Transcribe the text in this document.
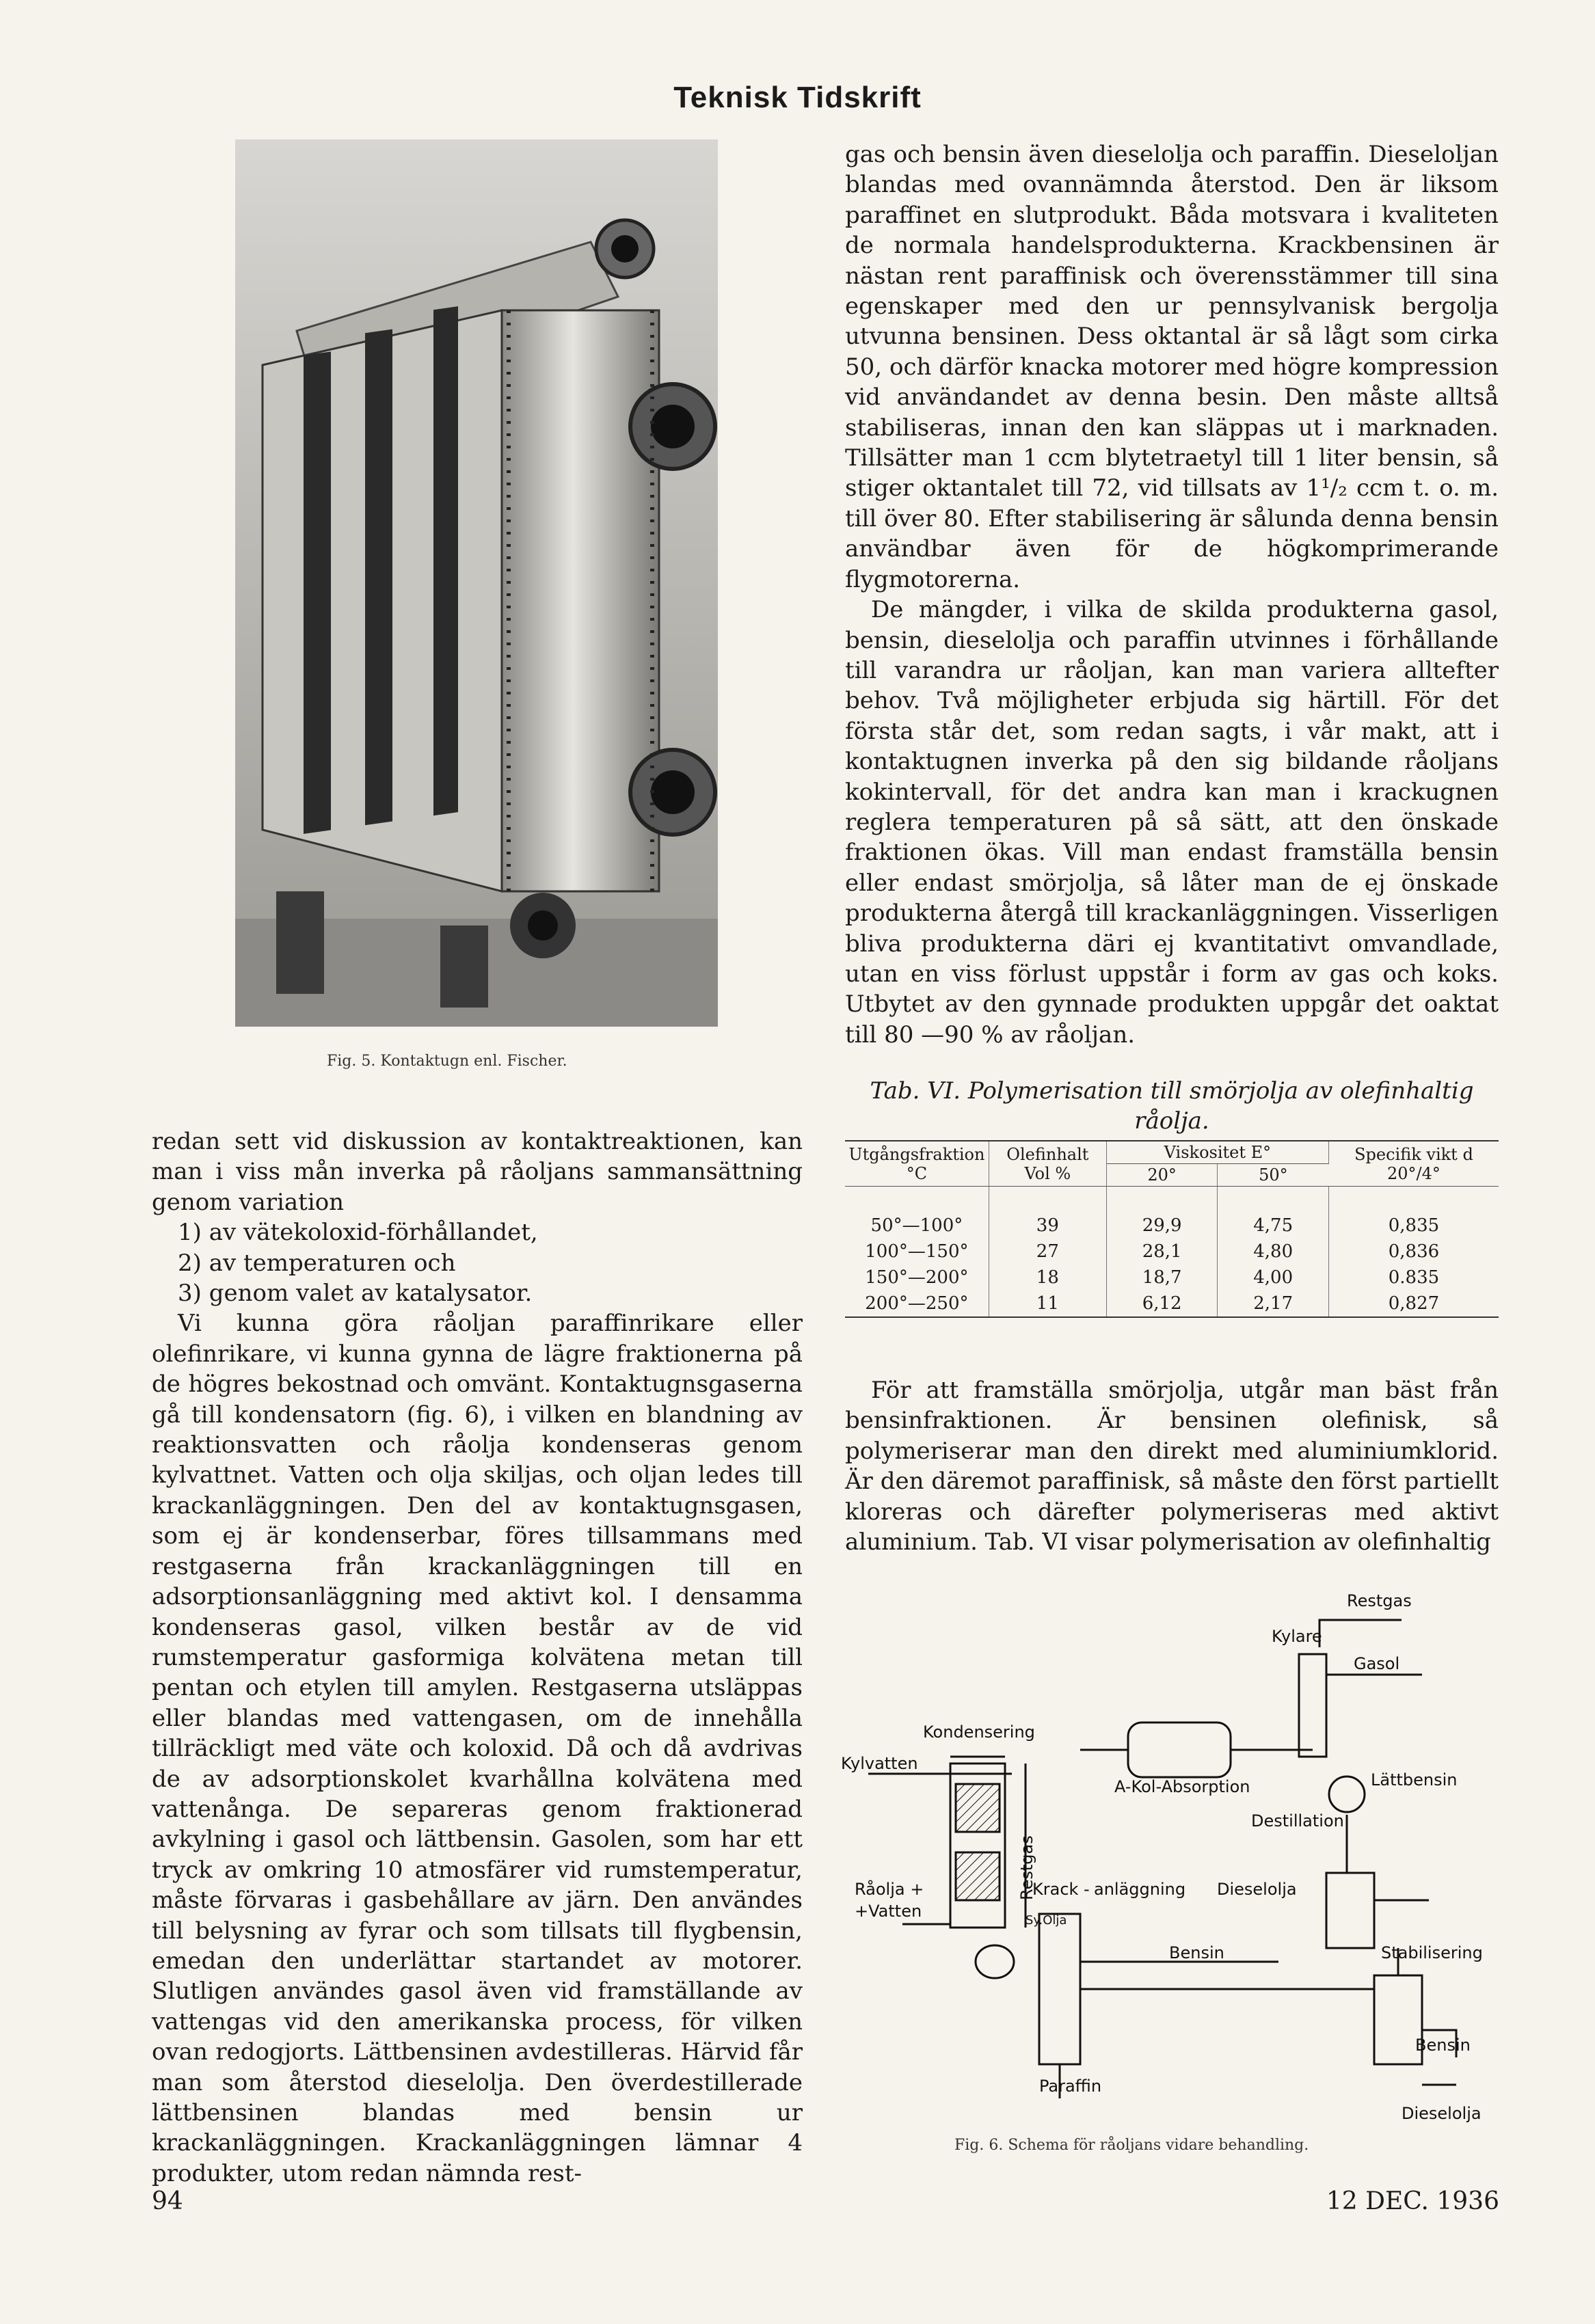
Teknisk Tidskrift
Fig. 5. Kontaktugn enl. Fischer.

redan sett vid diskussion av kontaktreaktionen, kan man i viss mån inverka på råoljans sammansättning genom variation

1) av vätekoloxid-förhållandet,

2) av temperaturen och

3) genom valet av katalysator.

Vi kunna göra råoljan paraffinrikare eller olefinrikare, vi kunna gynna de lägre fraktionerna på de högres bekostnad och omvänt. Kontaktugnsgaserna gå till kondensatorn (fig. 6), i vilken en blandning av reaktionsvatten och råolja kondenseras genom kylvattnet. Vatten och olja skiljas, och oljan ledes till krackanläggningen. Den del av kontaktugnsgasen, som ej är kondenserbar, föres tillsammans med restgaserna från krackanläggningen till en adsorptionsanläggning med aktivt kol. I densamma kondenseras gasol, vilken består av de vid rumstemperatur gasformiga kolvätena metan till pentan och etylen till amylen. Restgaserna utsläppas eller blandas med vattengasen, om de innehålla tillräckligt med väte och koloxid. Då och då avdrivas de av adsorptionskolet kvarhållna kolvätena med vattenånga. De separeras genom fraktionerad avkylning i gasol och lättbensin. Gasolen, som har ett tryck av omkring 10 atmosfärer vid rumstemperatur, måste förvaras i gasbehållare av järn. Den användes till belysning av fyrar och som tillsats till flygbensin, emedan den underlättar startandet av motorer. Slutligen användes gasol även vid framställande av vattengas vid den amerikanska process, för vilken ovan redogjorts. Lättbensinen avdestilleras. Härvid får man som återstod dieselolja. Den överdestillerade lättbensinen blandas med bensin ur krackanläggningen. Krackanläggningen lämnar 4 produkter, utom redan nämnda rest-

gas och bensin även dieselolja och paraffin. Dieseloljan blandas med ovannämnda återstod. Den är liksom paraffinet en slutprodukt. Båda motsvara i kvaliteten de normala handelsprodukterna. Krackbensinen är nästan rent paraffinisk och överensstämmer till sina egenskaper med den ur pennsylvanisk bergolja utvunna bensinen. Dess oktantal är så lågt som cirka 50, och därför knacka motorer med högre kompression vid användandet av denna besin. Den måste alltså stabiliseras, innan den kan släppas ut i marknaden. Tillsätter man 1 ccm blytetraetyl till 1 liter bensin, så stiger oktantalet till 72, vid tillsats av 1¹/₂ ccm t. o. m. till över 80. Efter stabilisering är sålunda denna bensin användbar även för de högkomprimerande flygmotorerna.

De mängder, i vilka de skilda produkterna gasol, bensin, dieselolja och paraffin utvinnes i förhållande till varandra ur råoljan, kan man variera alltefter behov. Två möjligheter erbjuda sig härtill. För det första står det, som redan sagts, i vår makt, att i kontaktugnen inverka på den sig bildande råoljans kokintervall, för det andra kan man i krackugnen reglera temperaturen på så sätt, att den önskade fraktionen ökas. Vill man endast framställa bensin eller endast smörjolja, så låter man de ej önskade produkterna återgå till krackanläggningen. Visserligen bliva produkterna däri ej kvantitativt omvandlade, utan en viss förlust uppstår i form av gas och koks. Utbytet av den gynnade produkten uppgår det oaktat till 80 —90 % av råoljan.

Tab. VI. Polymerisation till smörjolja av olefinhaltig råolja.
Utgångsfraktion °C	Olefinhalt Vol %	Viskositet E°		Specifik vikt d 20°/4°
		20°	50°	
50°—100°	39	29,9	4,75	0,835
100°—150°	27	28,1	4,80	0,836
150°—200°	18	18,7	4,00	0.835
200°—250°	11	6,12	2,17	0,827

För att framställa smörjolja, utgår man bäst från bensinfraktionen. Är bensinen olefinisk, så polymeriserar man den direkt med aluminiumklorid. Är den däremot paraffinisk, så måste den först partiellt kloreras och därefter polymeriseras med aktivt aluminium. Tab. VI visar polymerisation av olefinhaltig

Restgas
Kylare
Gasol
Kondensering
Kylvatten
A-Kol-Absorption	Lättbensin
Destillation
Restgas
Råolja +
+Vatten
Krack - anläggning Dieselolja
Sy.Olja
Bensin	Stabilisering
Bensin
Paraffin
Dieselolja
Fig. 6. Schema för råoljans vidare behandling.
94	12 DEC. 1936
